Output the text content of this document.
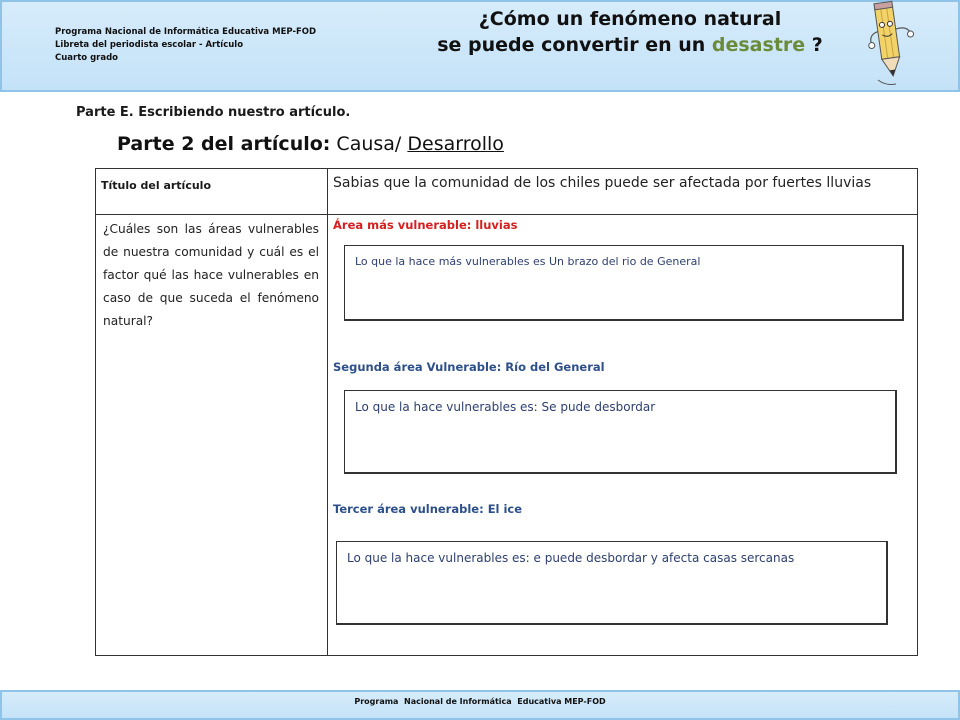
Programa Nacional de Informática Educativa MEP-FOD
Libreta del periodista escolar - Artículo
Cuarto grado
¿Cómo un fenómeno natural
se puede convertir en un desastre ?
Parte E. Escribiendo nuestro artículo.
Parte 2 del artículo: Causa/ Desarrollo
Título del artículo	Sabias que la comunidad de los chiles puede ser afectada por fuertes lluvias
¿Cuáles son las áreas vulnerables de nuestra comunidad y cuál es el factor qué las hace vulnerables en caso de que suceda el fenómeno natural?
Área más vulnerable: lluvias
Lo que la hace más vulnerables es Un brazo del rio de General
Segunda área Vulnerable: Río del General
Lo que la hace vulnerables es: Se pude desbordar
Tercer área vulnerable: El ice
Lo que la hace vulnerables es: e puede desbordar y afecta casas sercanas
Programa  Nacional de Informática  Educativa MEP-FOD
